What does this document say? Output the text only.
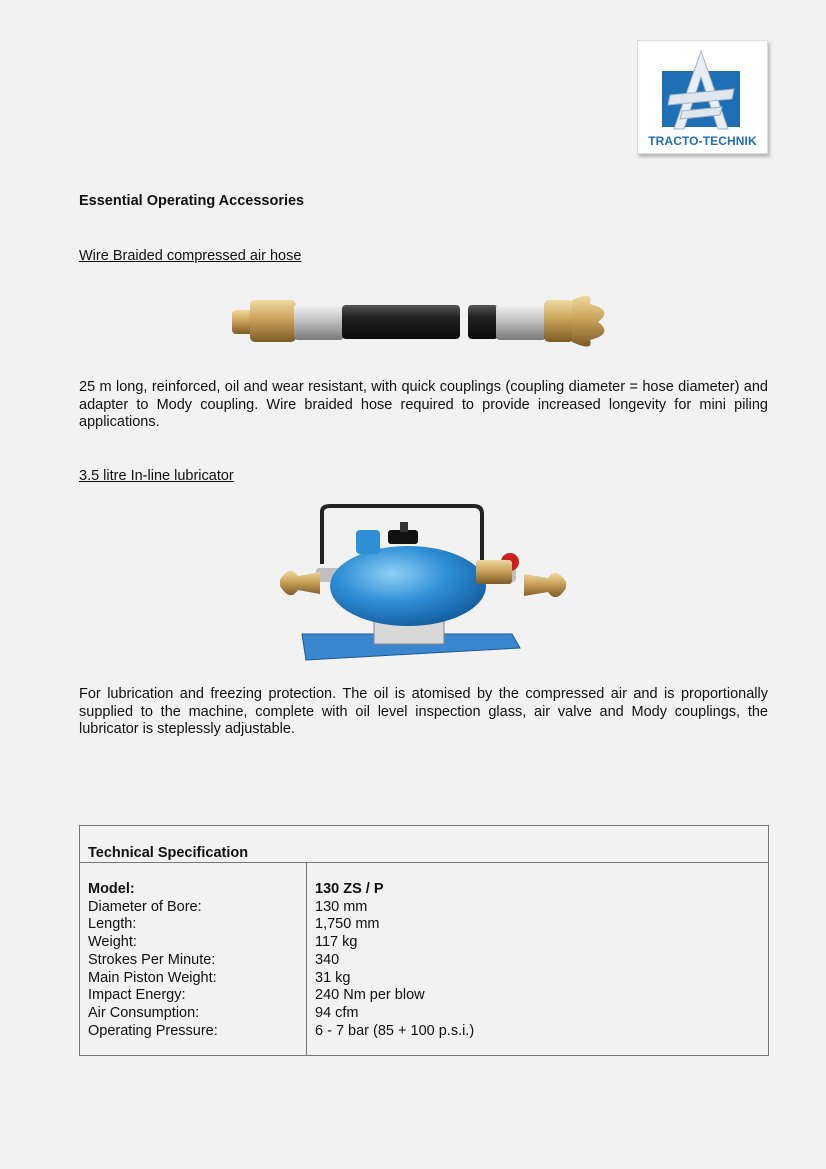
TRACTO-TECHNIK
Essential Operating Accessories
Wire Braided compressed air hose

25 m long, reinforced, oil and wear resistant, with quick couplings (coupling diameter = hose diameter) and adapter to Mody coupling. Wire braided hose required to provide increased longevity for mini piling applications.

3.5 litre In-line lubricator

For lubrication and freezing protection. The oil is atomised by the compressed air and is proportionally supplied to the machine, complete with oil level inspection glass, air valve and Mody couplings, the lubricator is steplessly adjustable.

Technical Specification
Model:
Diameter of Bore:
Length:
Weight:
Strokes Per Minute:
Main Piston Weight:
Impact Energy:
Air Consumption:
Operating Pressure:
130 ZS / P
130 mm
1,750 mm
117 kg
340
31 kg
240 Nm per blow
94 cfm
6 - 7 bar (85 + 100 p.s.i.)
